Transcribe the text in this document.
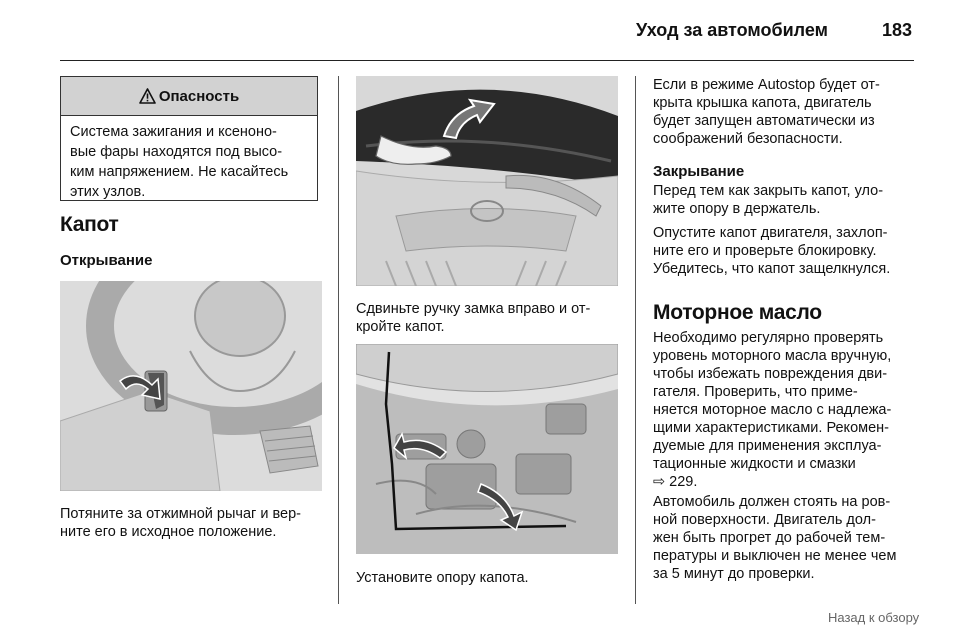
Уход за автомобилем	183
Опасность
Система зажигания и ксеноно-
вые фары находятся под высо-
ким напряжением. Не касайтесь
этих узлов.
Капот
Открывание
Потяните за отжимной рычаг и вер-
ните его в исходное положение.
Сдвиньте ручку замка вправо и от-
кройте капот.
Установите опору капота.
Если в режиме Autostop будет от-
крыта крышка капота, двигатель
будет запущен автоматически из
соображений безопасности.
Закрывание
Перед тем как закрыть капот, уло-
жите опору в держатель.
Опустите капот двигателя, захлоп-
ните его и проверьте блокировку.
Убедитесь, что капот защелкнулся.
Моторное масло
Необходимо регулярно проверять
уровень моторного масла вручную,
чтобы избежать повреждения дви-
гателя. Проверить, что приме-
няется моторное масло с надлежа-
щими характеристиками. Рекомен-
дуемые для применения эксплуа-
тационные жидкости и смазки
⇨ 229.
Автомобиль должен стоять на ров-
ной поверхности. Двигатель дол-
жен быть прогрет до рабочей тем-
пературы и выключен не менее чем
за 5 минут до проверки.
Назад к обзору
